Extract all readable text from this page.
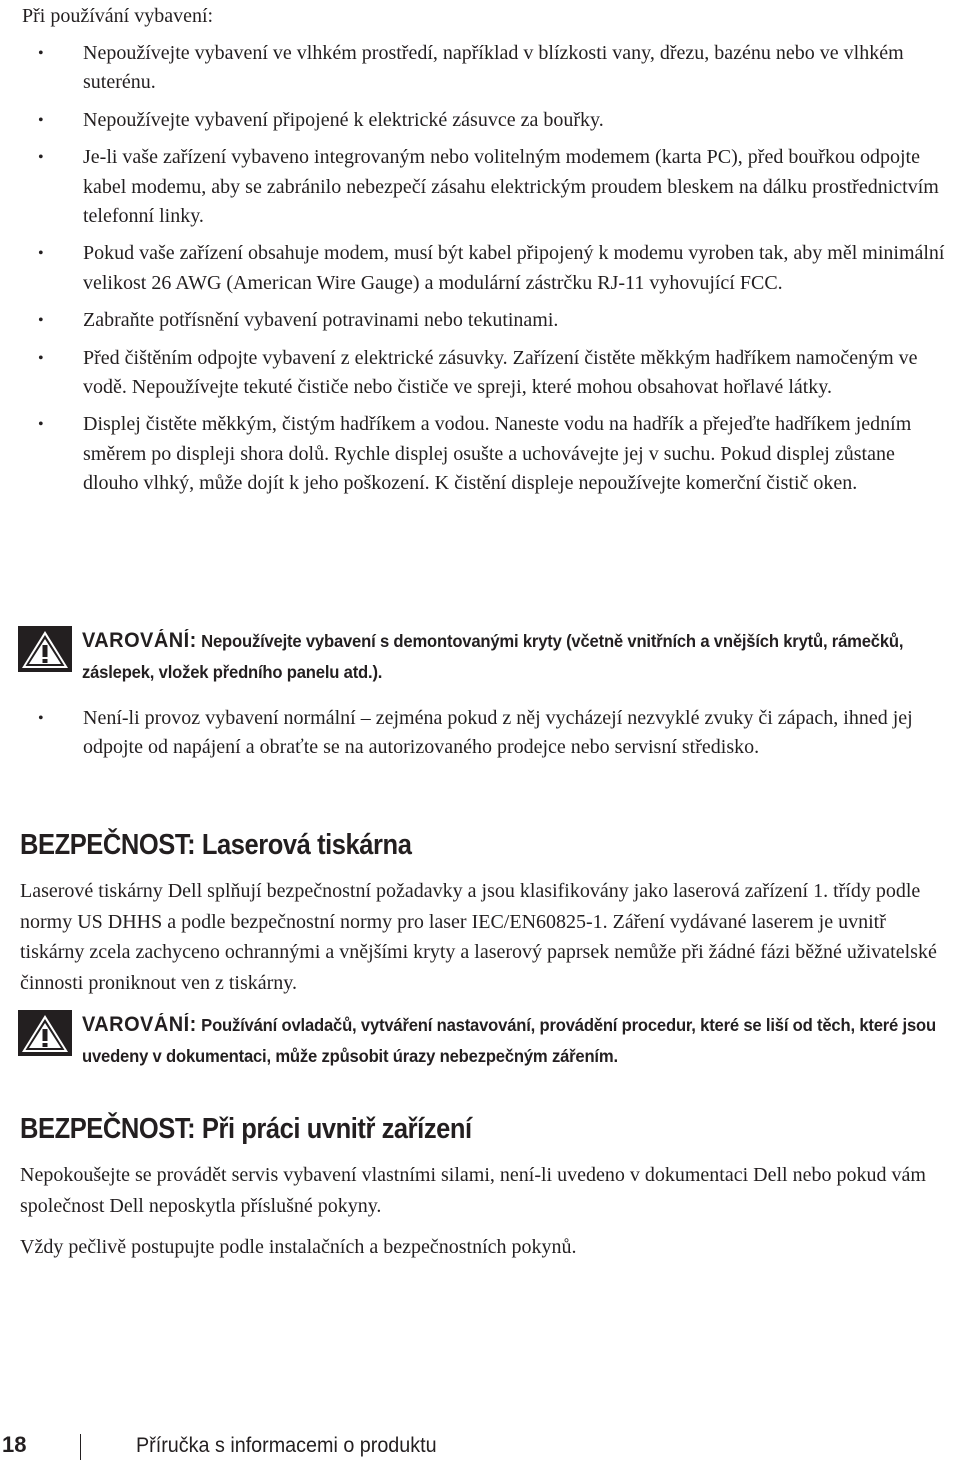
Při používání vybavení:

• Nepoužívejte vybavení ve vlhkém prostředí, například v blízkosti vany, dřezu, bazénu nebo ve vlhkém suterénu.
• Nepoužívejte vybavení připojené k elektrické zásuvce za bouřky.
• Je-li vaše zařízení vybaveno integrovaným nebo volitelným modemem (karta PC), před bouřkou odpojte kabel modemu, aby se zabránilo nebezpečí zásahu elektrickým proudem bleskem na dálku prostřednictvím telefonní linky.
• Pokud vaše zařízení obsahuje modem, musí být kabel připojený k modemu vyroben tak, aby měl minimální velikost 26 AWG (American Wire Gauge) a modulární zástrčku RJ-11 vyhovující FCC.
• Zabraňte potřísnění vybavení potravinami nebo tekutinami.
• Před čištěním odpojte vybavení z elektrické zásuvky. Zařízení čistěte měkkým hadříkem namočeným ve vodě. Nepoužívejte tekuté čističe nebo čističe ve spreji, které mohou obsahovat hořlavé látky.
• Displej čistěte měkkým, čistým hadříkem a vodou. Naneste vodu na hadřík a přejeďte hadříkem jedním směrem po displeji shora dolů. Rychle displej osušte a uchovávejte jej v suchu. Pokud displej zůstane dlouho vlhký, může dojít k jeho poškození. K čistění displeje nepoužívejte komerční čistič oken.
VAROVÁNÍ: Nepoužívejte vybavení s demontovanými kryty (včetně vnitřních a vnějších krytů, rámečků, záslepek, vložek předního panelu atd.).
• Není-li provoz vybavení normální – zejména pokud z něj vycházejí nezvyklé zvuky či zápach, ihned jej odpojte od napájení a obraťte se na autorizovaného prodejce nebo servisní středisko.
BEZPEČNOST: Laserová tiskárna

Laserové tiskárny Dell splňují bezpečnostní požadavky a jsou klasifikovány jako laserová zařízení 1. třídy podle normy US DHHS a podle bezpečnostní normy pro laser IEC/EN60825-1. Záření vydávané laserem je uvnitř tiskárny zcela zachyceno ochrannými a vnějšími kryty a laserový paprsek nemůže při žádné fázi běžné uživatelské činnosti proniknout ven z tiskárny.

VAROVÁNÍ: Používání ovladačů, vytváření nastavování, provádění procedur, které se liší od těch, které jsou uvedeny v dokumentaci, může způsobit úrazy nebezpečným zářením.
BEZPEČNOST: Při práci uvnitř zařízení

Nepokoušejte se provádět servis vybavení vlastními silami, není-li uvedeno v dokumentaci Dell nebo pokud vám společnost Dell neposkytla příslušné pokyny.

Vždy pečlivě postupujte podle instalačních a bezpečnostních pokynů.

18	Příručka s informacemi o produktu
